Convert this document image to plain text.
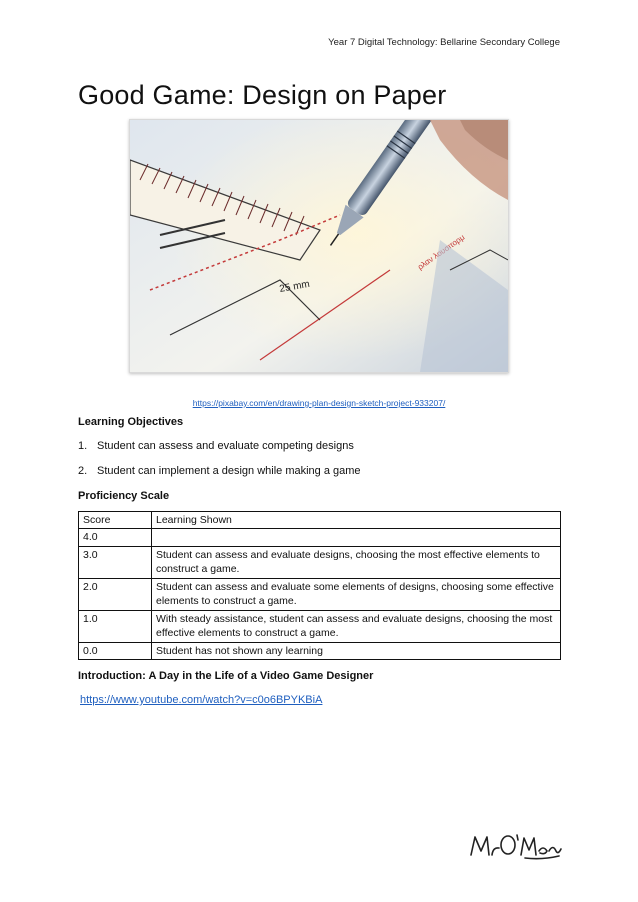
Year 7 Digital Technology: Bellarine Secondary College
Good Game: Design on Paper
25 mm
ρλαν
https://pixabay.com/en/drawing-plan-design-sketch-project-933207/
Learning Objectives
1. Student can assess and evaluate competing designs
2. Student can implement a design while making a game
Proficiency Scale
Score	Learning Shown
4.0	
3.0	Student can assess and evaluate designs, choosing the most effective elements to construct a game.
2.0	Student can assess and evaluate some elements of designs, choosing some effective elements to construct a game.
1.0	With steady assistance, student can assess and evaluate designs, choosing the most effective elements to construct a game.
0.0	Student has not shown any learning
Introduction: A Day in the Life of a Video Game Designer
https://www.youtube.com/watch?v=c0o6BPYKBiA
